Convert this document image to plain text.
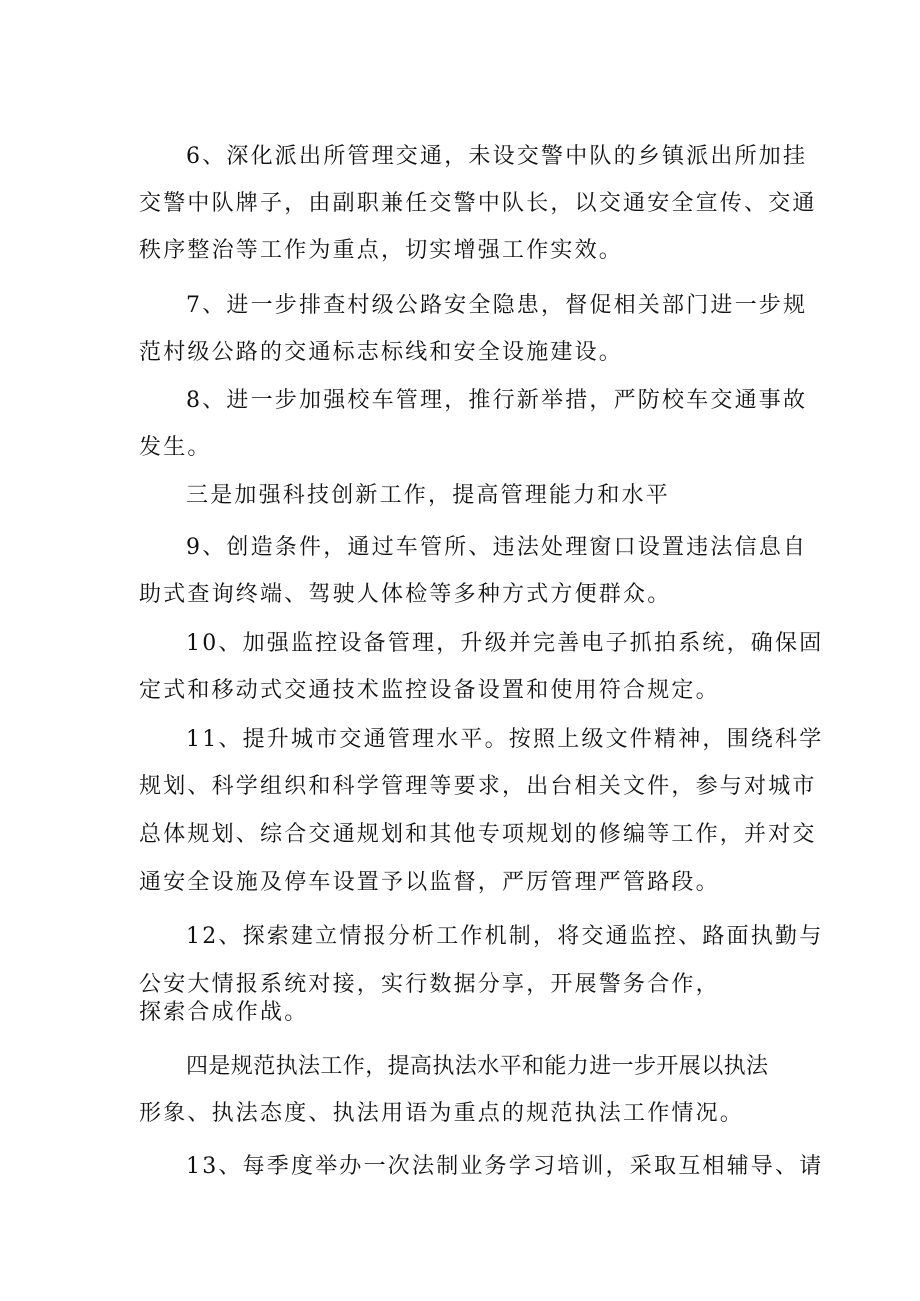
6、深化派出所管理交通，未设交警中队的乡镇派出所加挂
交警中队牌子，由副职兼任交警中队长，以交通安全宣传、交通
秩序整治等工作为重点，切实增强工作实效。
7、进一步排查村级公路安全隐患，督促相关部门进一步规
范村级公路的交通标志标线和安全设施建设。
8、进一步加强校车管理，推行新举措，严防校车交通事故
发生。
三是加强科技创新工作，提高管理能力和水平
9、创造条件，通过车管所、违法处理窗口设置违法信息自
助式查询终端、驾驶人体检等多种方式方便群众。
10、加强监控设备管理，升级并完善电子抓拍系统，确保固
定式和移动式交通技术监控设备设置和使用符合规定。
11、提升城市交通管理水平。按照上级文件精神，围绕科学
规划、科学组织和科学管理等要求，出台相关文件，参与对城市
总体规划、综合交通规划和其他专项规划的修编等工作，并对交
通安全设施及停车设置予以监督，严厉管理严管路段。
12、探索建立情报分析工作机制，将交通监控、路面执勤与
公安大情报系统对接，实行数据分享，开展警务合作，
探索合成作战。
四是规范执法工作，提高执法水平和能力进一步开展以执法
形象、执法态度、执法用语为重点的规范执法工作情况。
13、每季度举办一次法制业务学习培训，采取互相辅导、请
